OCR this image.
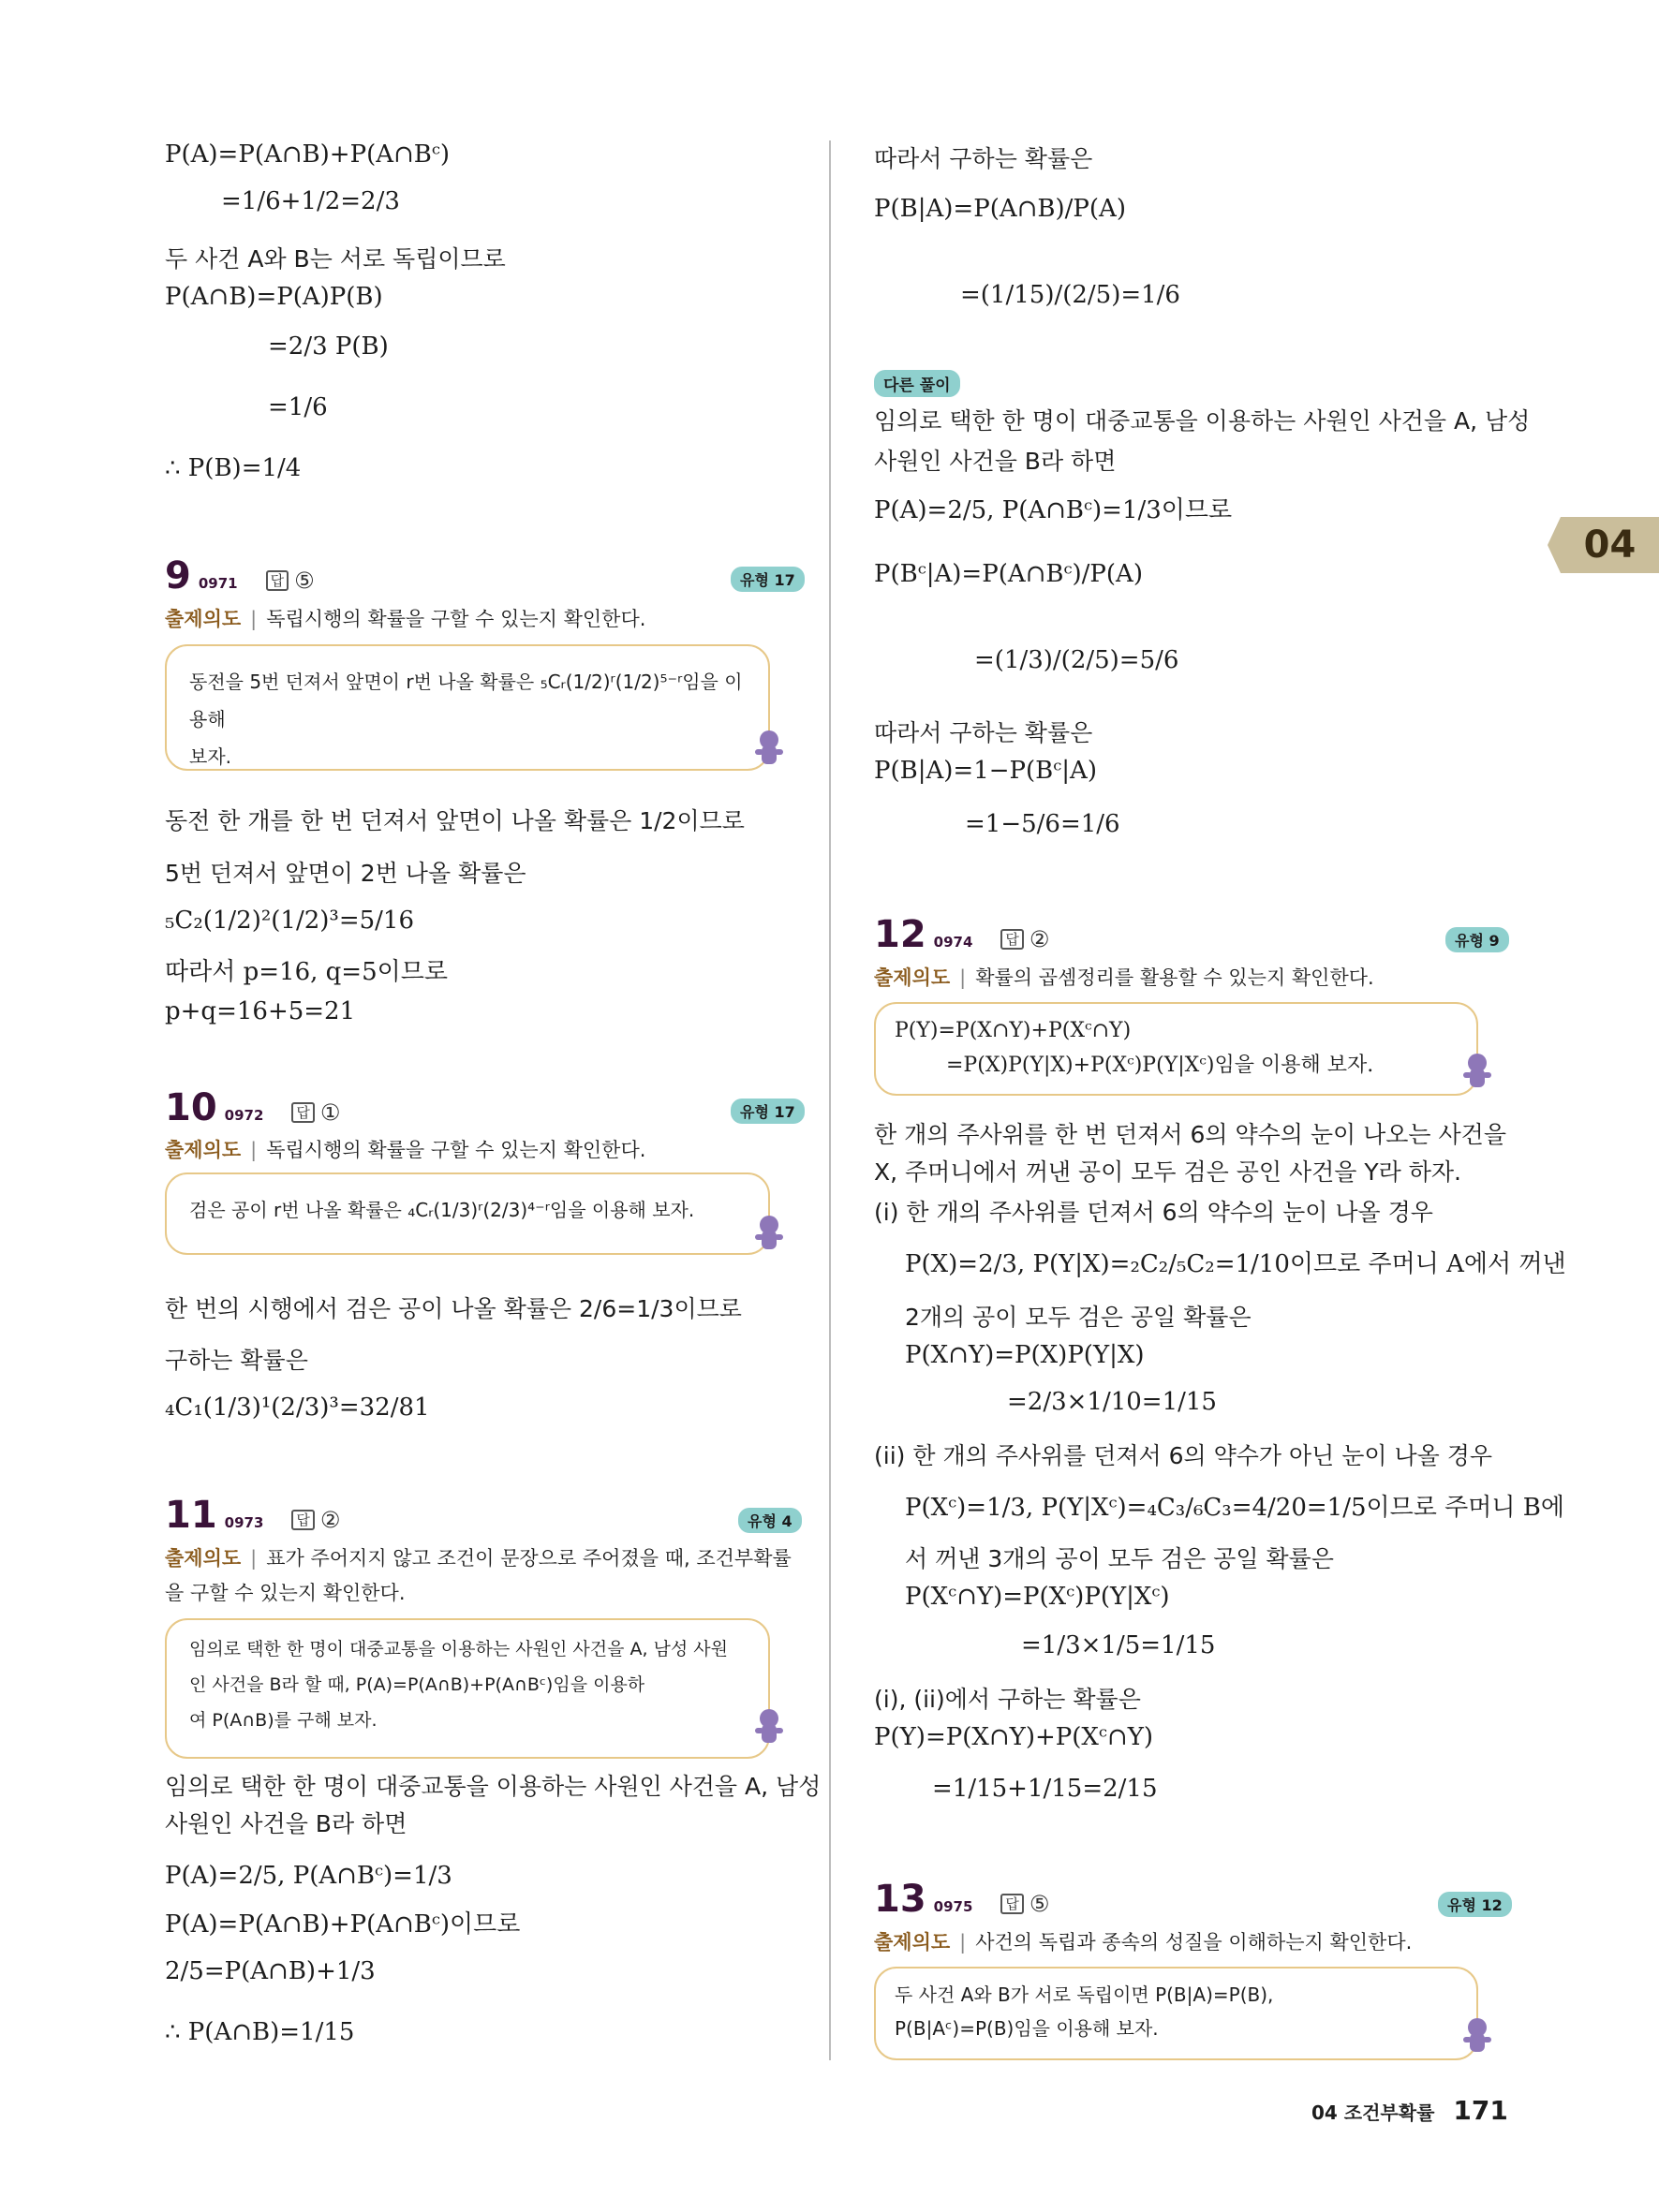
P(A)=P(A∩B)+P(A∩Bᶜ)
=1/6+1/2=2/3
두 사건 A와 B는 서로 독립이므로
P(A∩B)=P(A)P(B)
=2/3 P(B)
=1/6
∴ P(B)=1/4
9 0971	답 ⑤	유형 17
출제의도 | 독립시행의 확률을 구할 수 있는지 확인한다.
동전을 5번 던져서 앞면이 r번 나올 확률은 ₅Cᵣ(1/2)ʳ(1/2)⁵⁻ʳ임을 이용해
보자.
동전 한 개를 한 번 던져서 앞면이 나올 확률은 1/2이므로
5번 던져서 앞면이 2번 나올 확률은
₅C₂(1/2)²(1/2)³=5/16
따라서 p=16, q=5이므로
p+q=16+5=21
10 0972	답 ①	유형 17
출제의도 | 독립시행의 확률을 구할 수 있는지 확인한다.
검은 공이 r번 나올 확률은 ₄Cᵣ(1/3)ʳ(2/3)⁴⁻ʳ임을 이용해 보자.
한 번의 시행에서 검은 공이 나올 확률은 2/6=1/3이므로
구하는 확률은
₄C₁(1/3)¹(2/3)³=32/81
11 0973	답 ②	유형 4
출제의도 | 표가 주어지지 않고 조건이 문장으로 주어졌을 때, 조건부확률
을 구할 수 있는지 확인한다.
임의로 택한 한 명이 대중교통을 이용하는 사원인 사건을 A, 남성 사원
인 사건을 B라 할 때, P(A)=P(A∩B)+P(A∩Bᶜ)임을 이용하
여 P(A∩B)를 구해 보자.
임의로 택한 한 명이 대중교통을 이용하는 사원인 사건을 A, 남성
사원인 사건을 B라 하면
P(A)=2/5, P(A∩Bᶜ)=1/3
P(A)=P(A∩B)+P(A∩Bᶜ)이므로
2/5=P(A∩B)+1/3
∴ P(A∩B)=1/15
따라서 구하는 확률은
P(B|A)=P(A∩B)/P(A)
=(1/15)/(2/5)=1/6
다른 풀이
임의로 택한 한 명이 대중교통을 이용하는 사원인 사건을 A, 남성
사원인 사건을 B라 하면
P(A)=2/5, P(A∩Bᶜ)=1/3이므로
P(Bᶜ|A)=P(A∩Bᶜ)/P(A)
=(1/3)/(2/5)=5/6
따라서 구하는 확률은
P(B|A)=1−P(Bᶜ|A)
=1−5/6=1/6
12 0974	답 ②	유형 9
출제의도 | 확률의 곱셈정리를 활용할 수 있는지 확인한다.
P(Y)=P(X∩Y)+P(Xᶜ∩Y)
=P(X)P(Y|X)+P(Xᶜ)P(Y|Xᶜ)임을 이용해 보자.
한 개의 주사위를 한 번 던져서 6의 약수의 눈이 나오는 사건을
X, 주머니에서 꺼낸 공이 모두 검은 공인 사건을 Y라 하자.
(i) 한 개의 주사위를 던져서 6의 약수의 눈이 나올 경우
P(X)=2/3, P(Y|X)=₂C₂/₅C₂=1/10이므로 주머니 A에서 꺼낸
2개의 공이 모두 검은 공일 확률은
P(X∩Y)=P(X)P(Y|X)
=2/3×1/10=1/15
(ii) 한 개의 주사위를 던져서 6의 약수가 아닌 눈이 나올 경우
P(Xᶜ)=1/3, P(Y|Xᶜ)=₄C₃/₆C₃=4/20=1/5이므로 주머니 B에
서 꺼낸 3개의 공이 모두 검은 공일 확률은
P(Xᶜ∩Y)=P(Xᶜ)P(Y|Xᶜ)
=1/3×1/5=1/15
(i), (ii)에서 구하는 확률은
P(Y)=P(X∩Y)+P(Xᶜ∩Y)
=1/15+1/15=2/15
13 0975	답 ⑤	유형 12
출제의도 | 사건의 독립과 종속의 성질을 이해하는지 확인한다.
두 사건 A와 B가 서로 독립이면 P(B|A)=P(B),
P(B|Aᶜ)=P(B)임을 이용해 보자.
04
04 조건부확률 171
